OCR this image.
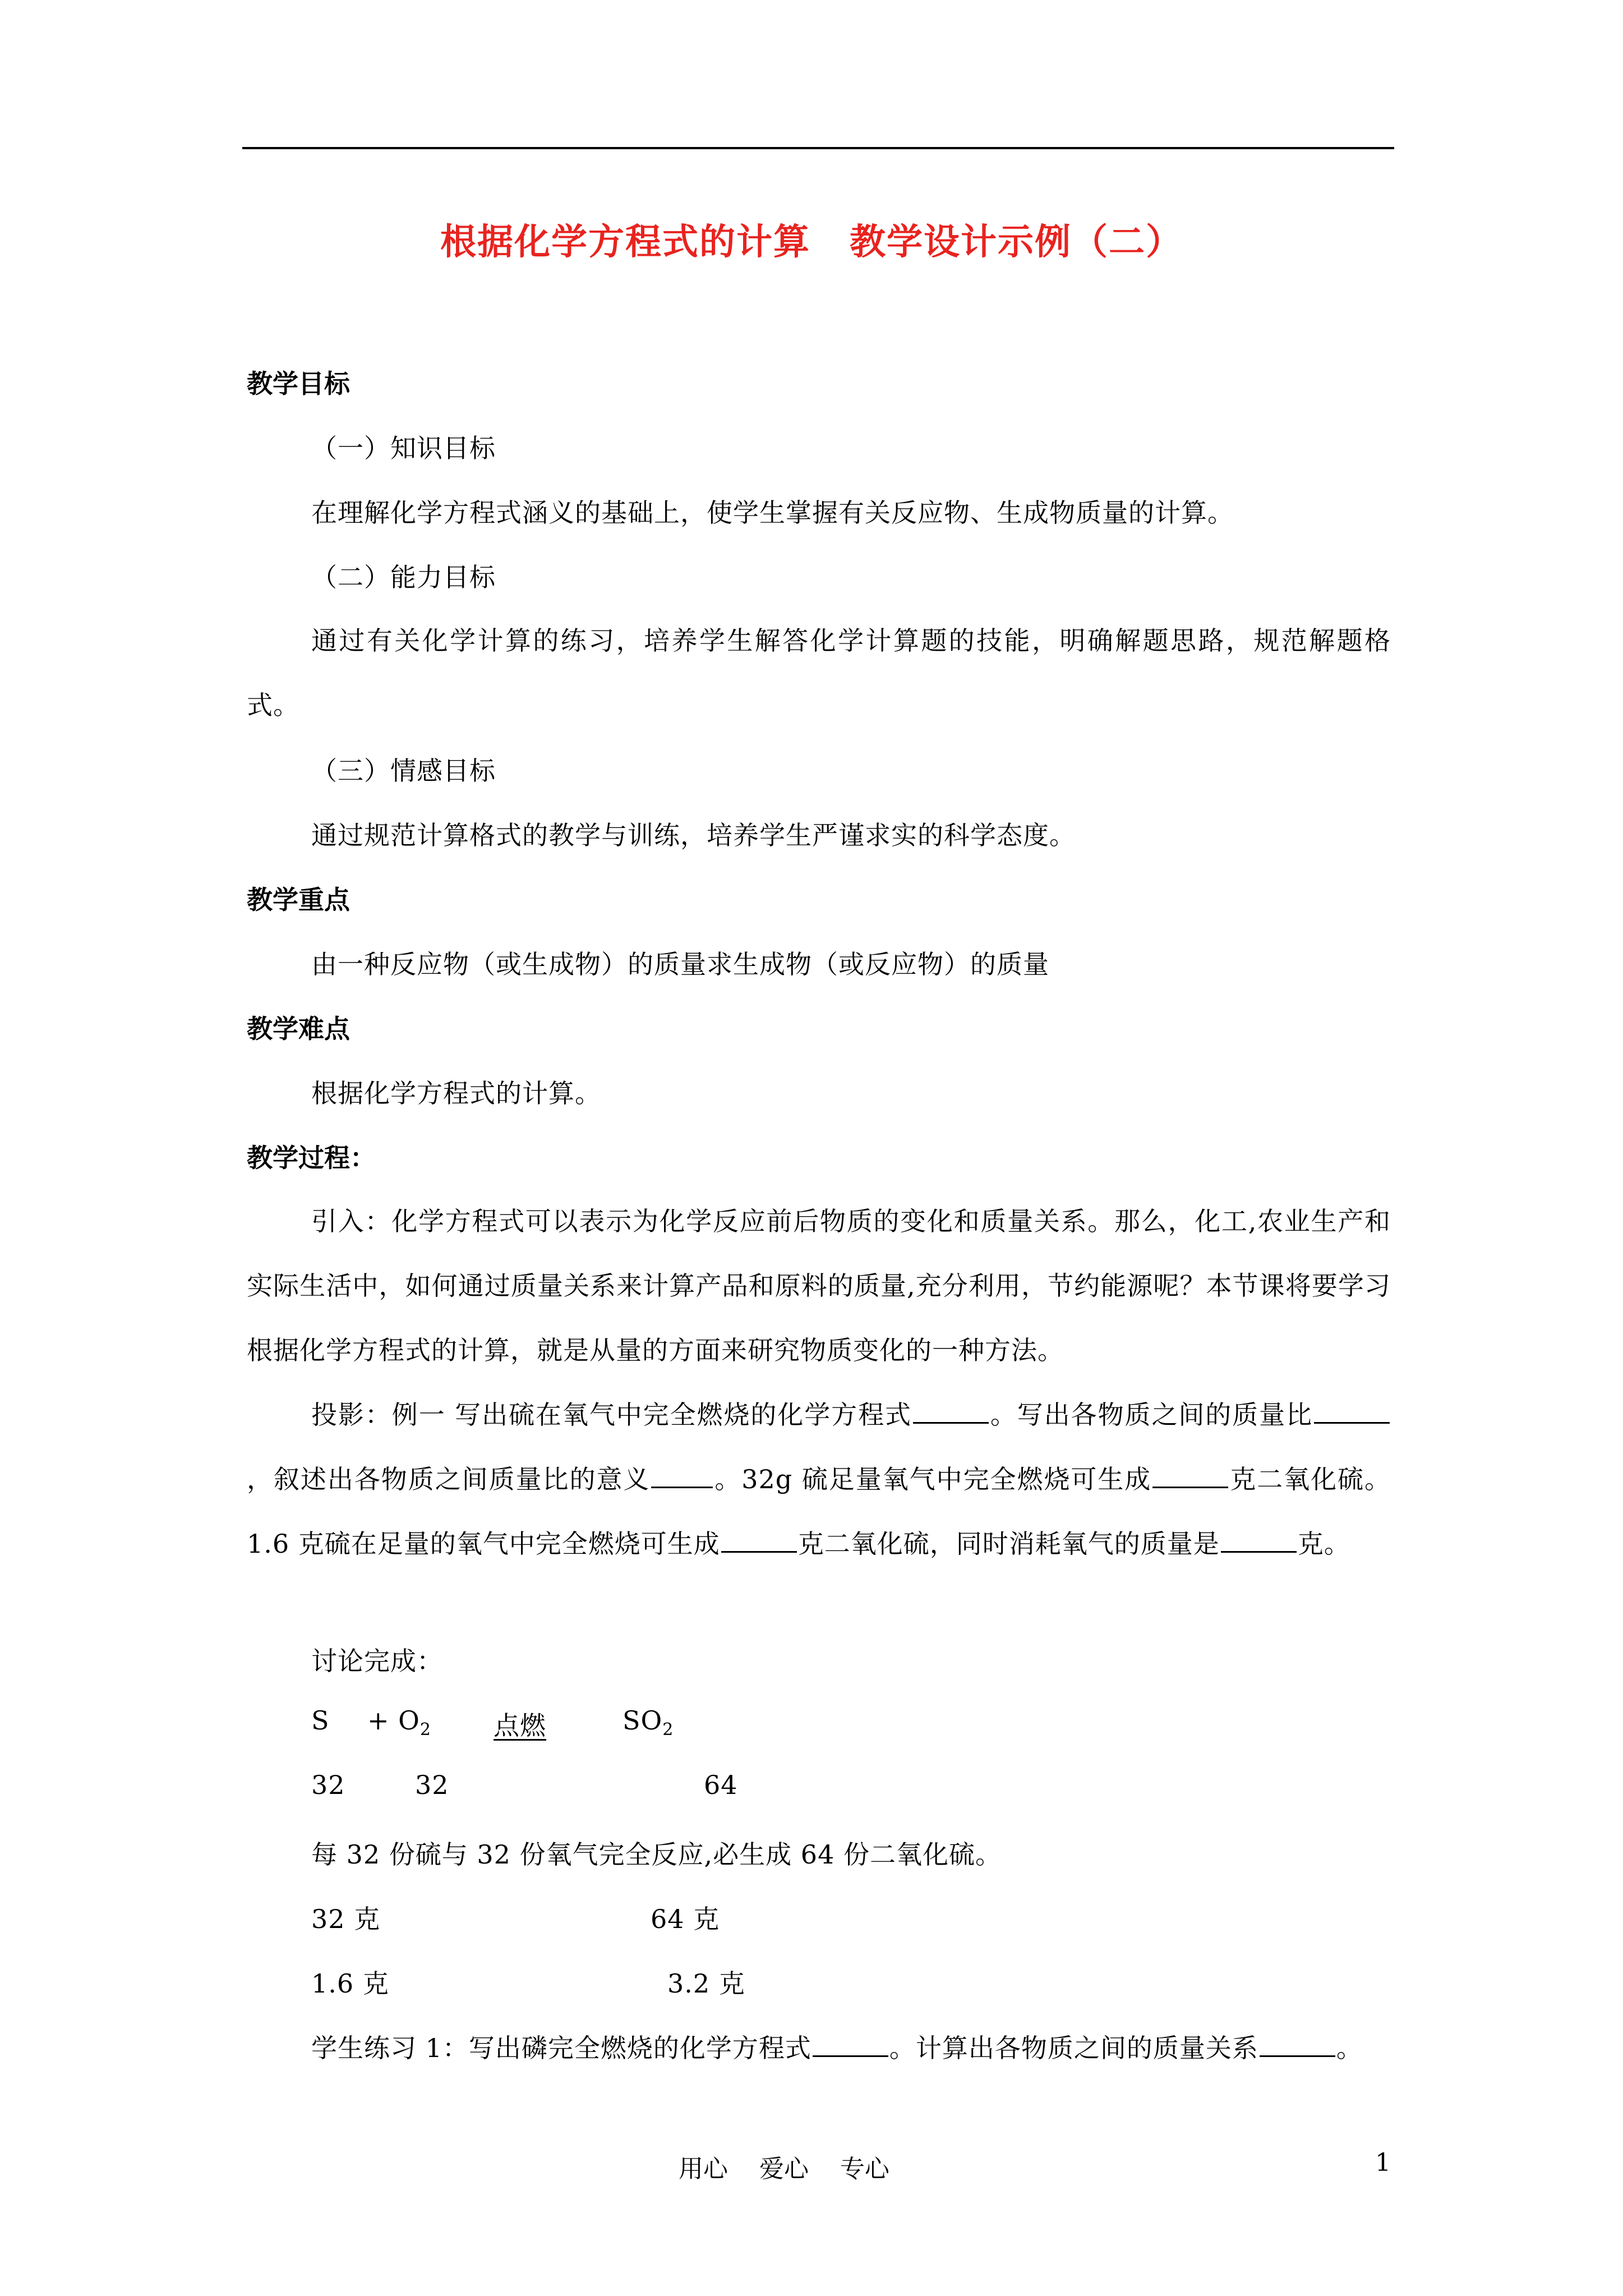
根据化学方程式的计算 教学设计示例（二）
教学目标
（一）知识目标
在理解化学方程式涵义的基础上，使学生掌握有关反应物、生成物质量的计算。
（二）能力目标
通过有关化学计算的练习，培养学生解答化学计算题的技能，明确解题思路，规范解题格式。
（三）情感目标
通过规范计算格式的教学与训练，培养学生严谨求实的科学态度。
教学重点
由一种反应物（或生成物）的质量求生成物（或反应物）的质量
教学难点
根据化学方程式的计算。
教学过程：
引入：化学方程式可以表示为化学反应前后物质的变化和质量关系。那么，化工,农业生产和实际生活中，如何通过质量关系来计算产品和原料的质量,充分利用，节约能源呢？本节课将要学习根据化学方程式的计算，就是从量的方面来研究物质变化的一种方法。
投影：例一 写出硫在氧气中完全燃烧的化学方程式	。写出各物质之间的质量比，叙述出各物质之间质量比的意义 。32g 硫足量氧气中完全燃烧可生成	克二氧化硫。1.6 克硫在足量的氧气中完全燃烧可生成	克二氧化硫，同时消耗氧气的质量是	克。
讨论完成：
$S + O_2$ 点燃	$SO_2$
32	32	64
每 32 份硫与 32 份氧气完全反应,必生成 64 份二氧化硫。
32 克	64 克
1.6 克	3.2 克
学生练习 1：写出磷完全燃烧的化学方程式	。计算出各物质之间的质量关系	。
用心    爱心    专心	1
